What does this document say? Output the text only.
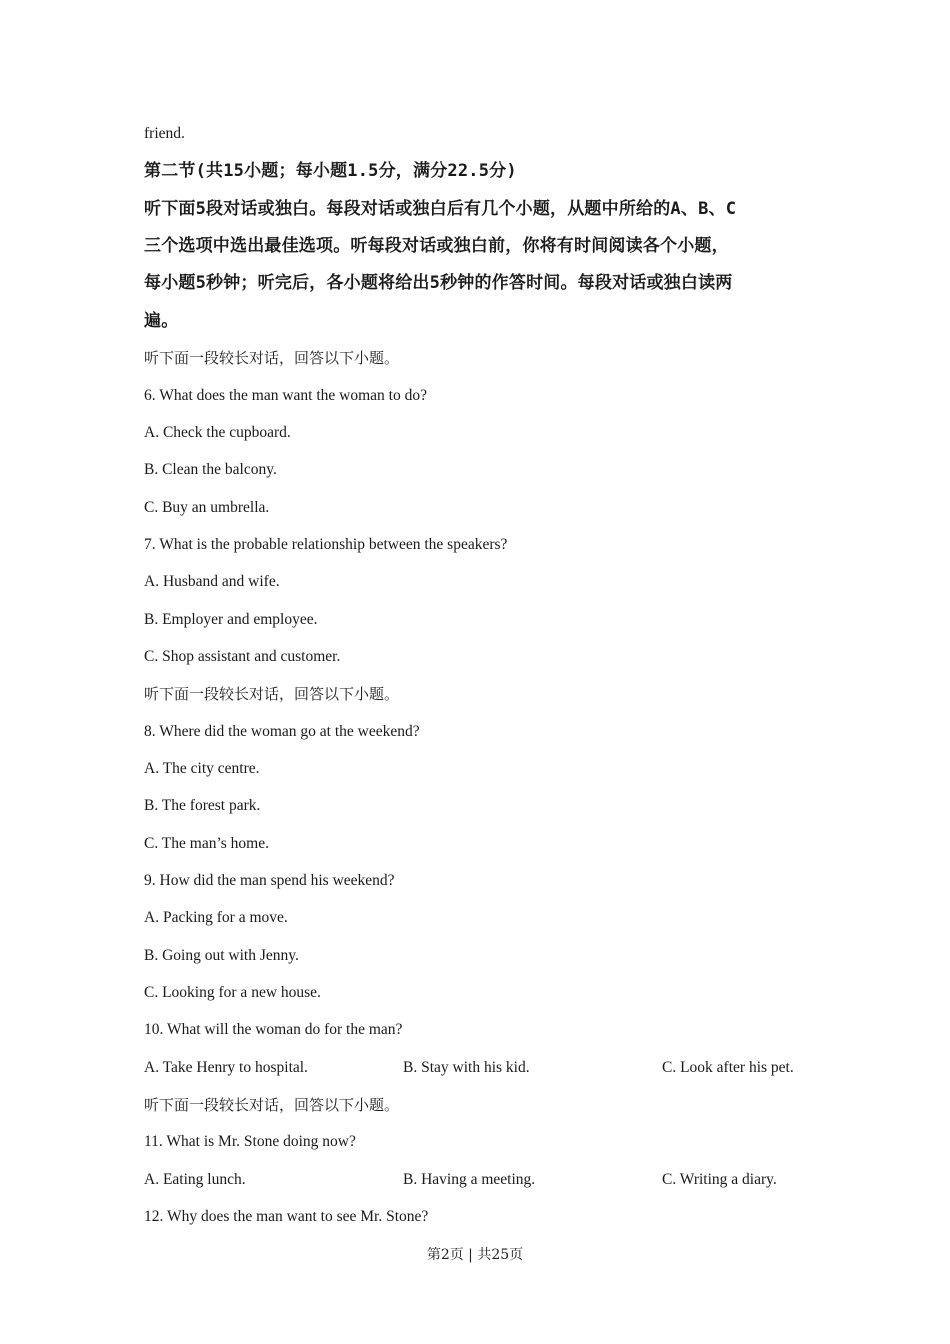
friend.
第二节(共15小题；每小题1.5分，满分22.5分)
听下面5段对话或独白。每段对话或独白后有几个小题，从题中所给的A、B、C
三个选项中选出最佳选项。听每段对话或独白前，你将有时间阅读各个小题，
每小题5秒钟；听完后，各小题将给出5秒钟的作答时间。每段对话或独白读两
遍。
听下面一段较长对话，回答以下小题。
6. What does the man want the woman to do?
A. Check the cupboard.
B. Clean the balcony.
C. Buy an umbrella.
7. What is the probable relationship between the speakers?
A. Husband and wife.
B. Employer and employee.
C. Shop assistant and customer.
听下面一段较长对话，回答以下小题。
8. Where did the woman go at the weekend?
A. The city centre.
B. The forest park.
C. The man’s home.
9. How did the man spend his weekend?
A. Packing for a move.
B. Going out with Jenny.
C. Looking for a new house.
10. What will the woman do for the man?
A. Take Henry to hospital.	B. Stay with his kid.	C. Look after his pet.
听下面一段较长对话，回答以下小题。
11. What is Mr. Stone doing now?
A. Eating lunch.	B. Having a meeting.	C. Writing a diary.
12. Why does the man want to see Mr. Stone?
第2页 | 共25页
